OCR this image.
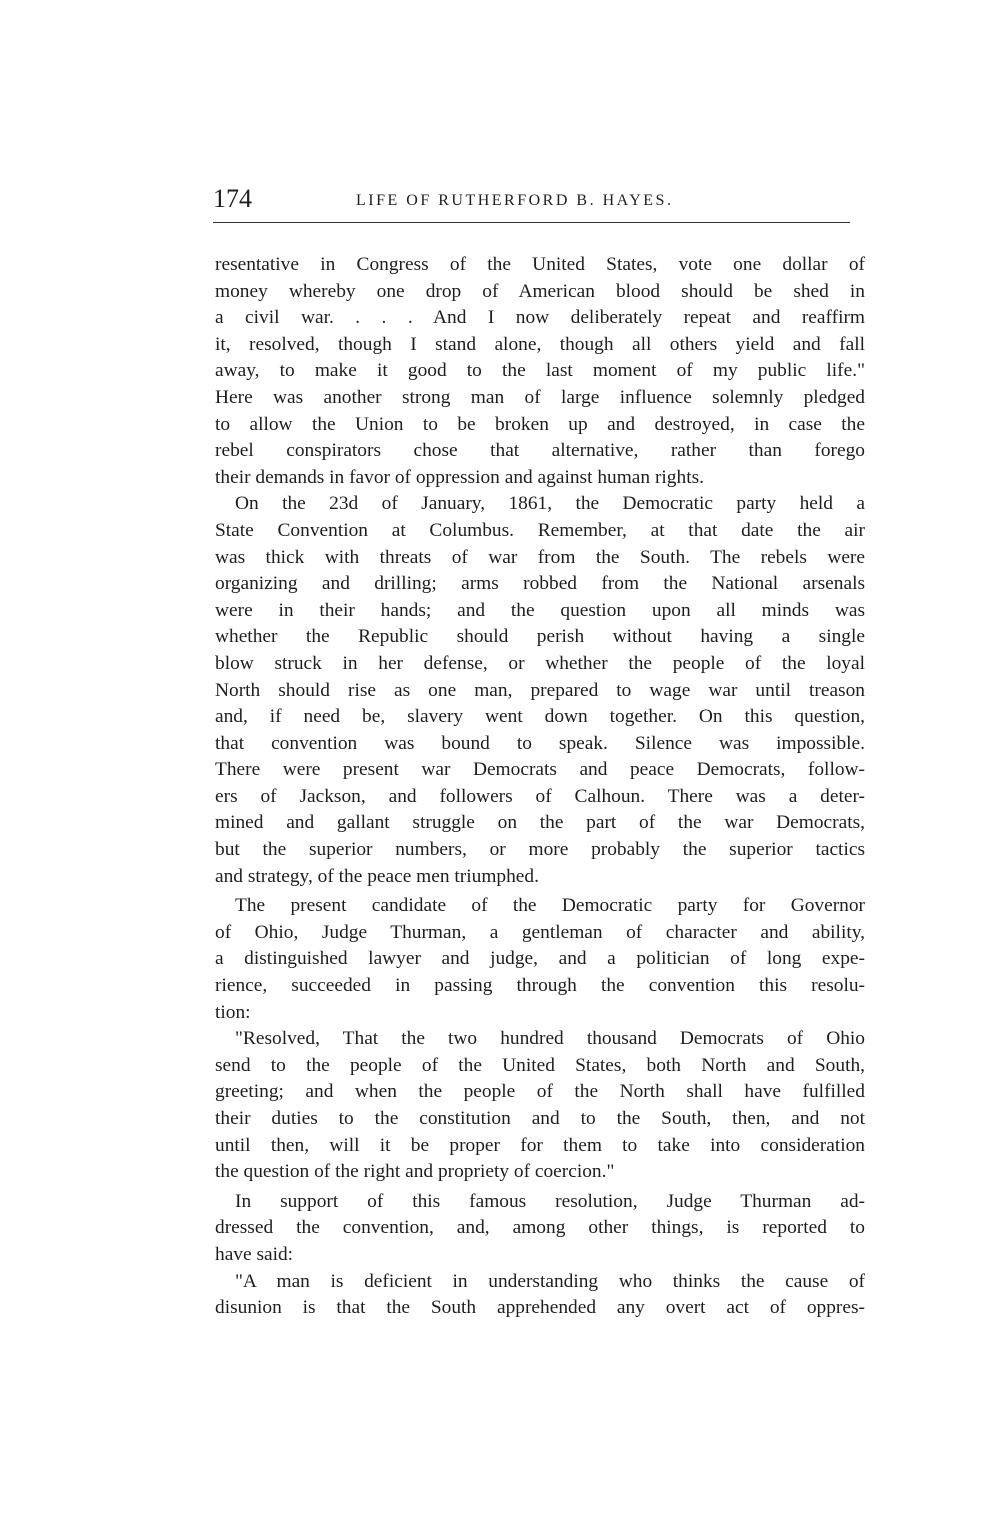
174	LIFE OF RUTHERFORD B. HAYES.
resentative in Congress of the United States, vote one dollar of
money whereby one drop of American blood should be shed in
a civil war. . . . And I now deliberately repeat and reaffirm
it, resolved, though I stand alone, though all others yield and fall
away, to make it good to the last moment of my public life."
Here was another strong man of large influence solemnly pledged
to allow the Union to be broken up and destroyed, in case the
rebel conspirators chose that alternative, rather than forego
their demands in favor of oppression and against human rights.
On the 23d of January, 1861, the Democratic party held a
State Convention at Columbus. Remember, at that date the air
was thick with threats of war from the South. The rebels were
organizing and drilling; arms robbed from the National arsenals
were in their hands; and the question upon all minds was
whether the Republic should perish without having a single
blow struck in her defense, or whether the people of the loyal
North should rise as one man, prepared to wage war until treason
and, if need be, slavery went down together. On this question,
that convention was bound to speak. Silence was impossible.
There were present war Democrats and peace Democrats, follow-
ers of Jackson, and followers of Calhoun. There was a deter-
mined and gallant struggle on the part of the war Democrats,
but the superior numbers, or more probably the superior tactics
and strategy, of the peace men triumphed.
The present candidate of the Democratic party for Governor
of Ohio, Judge Thurman, a gentleman of character and ability,
a distinguished lawyer and judge, and a politician of long expe-
rience, succeeded in passing through the convention this resolu-
tion:
"Resolved, That the two hundred thousand Democrats of Ohio
send to the people of the United States, both North and South,
greeting; and when the people of the North shall have fulfilled
their duties to the constitution and to the South, then, and not
until then, will it be proper for them to take into consideration
the question of the right and propriety of coercion."
In support of this famous resolution, Judge Thurman ad-
dressed the convention, and, among other things, is reported to
have said:
"A man is deficient in understanding who thinks the cause of
disunion is that the South apprehended any overt act of oppres-
